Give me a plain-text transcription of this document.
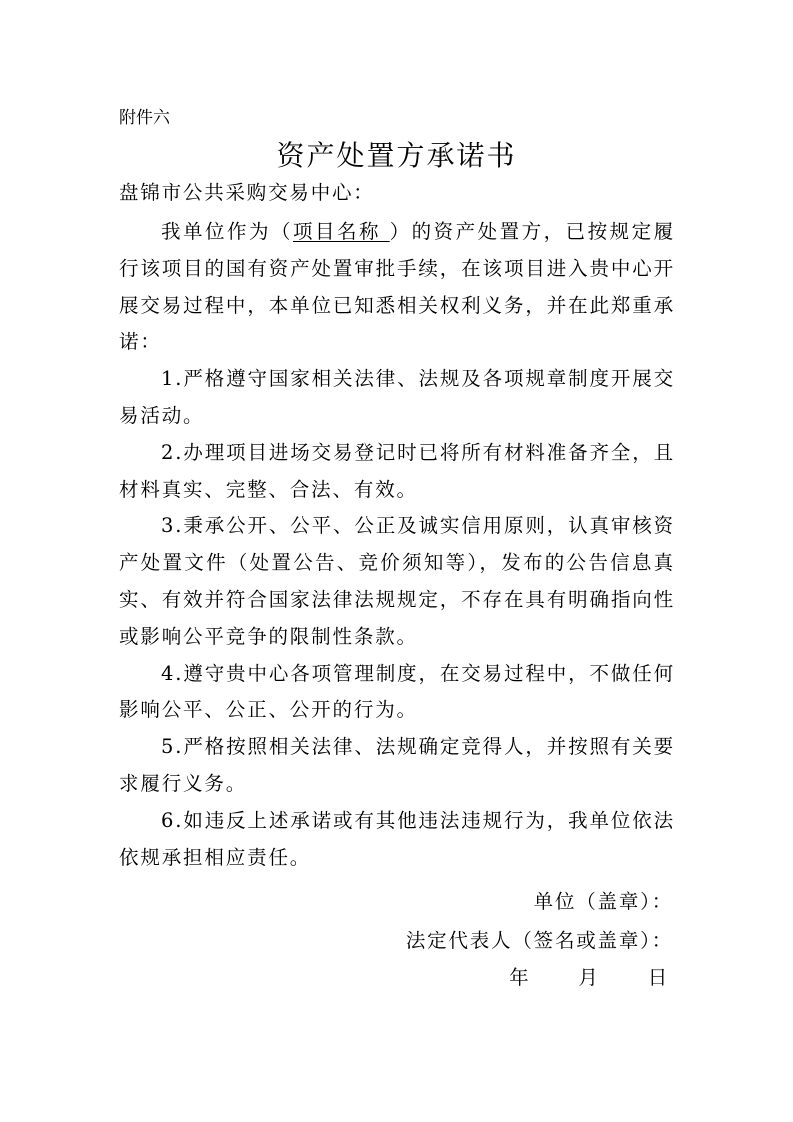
附件六
资产处置方承诺书
盘锦市公共采购交易中心：

我单位作为（项目名称 ）的资产处置方，已按规定履行该项目的国有资产处置审批手续，在该项目进入贵中心开展交易过程中，本单位已知悉相关权利义务，并在此郑重承诺：

1.严格遵守国家相关法律、法规及各项规章制度开展交易活动。

2.办理项目进场交易登记时已将所有材料准备齐全，且材料真实、完整、合法、有效。

3.秉承公开、公平、公正及诚实信用原则，认真审核资产处置文件（处置公告、竞价须知等），发布的公告信息真实、有效并符合国家法律法规规定，不存在具有明确指向性或影响公平竞争的限制性条款。

4.遵守贵中心各项管理制度，在交易过程中，不做任何影响公平、公正、公开的行为。

5.严格按照相关法律、法规确定竞得人，并按照有关要求履行义务。

6.如违反上述承诺或有其他违法违规行为，我单位依法依规承担相应责任。

单位（盖章）：
法定代表人（签名或盖章）：
年      月      日
